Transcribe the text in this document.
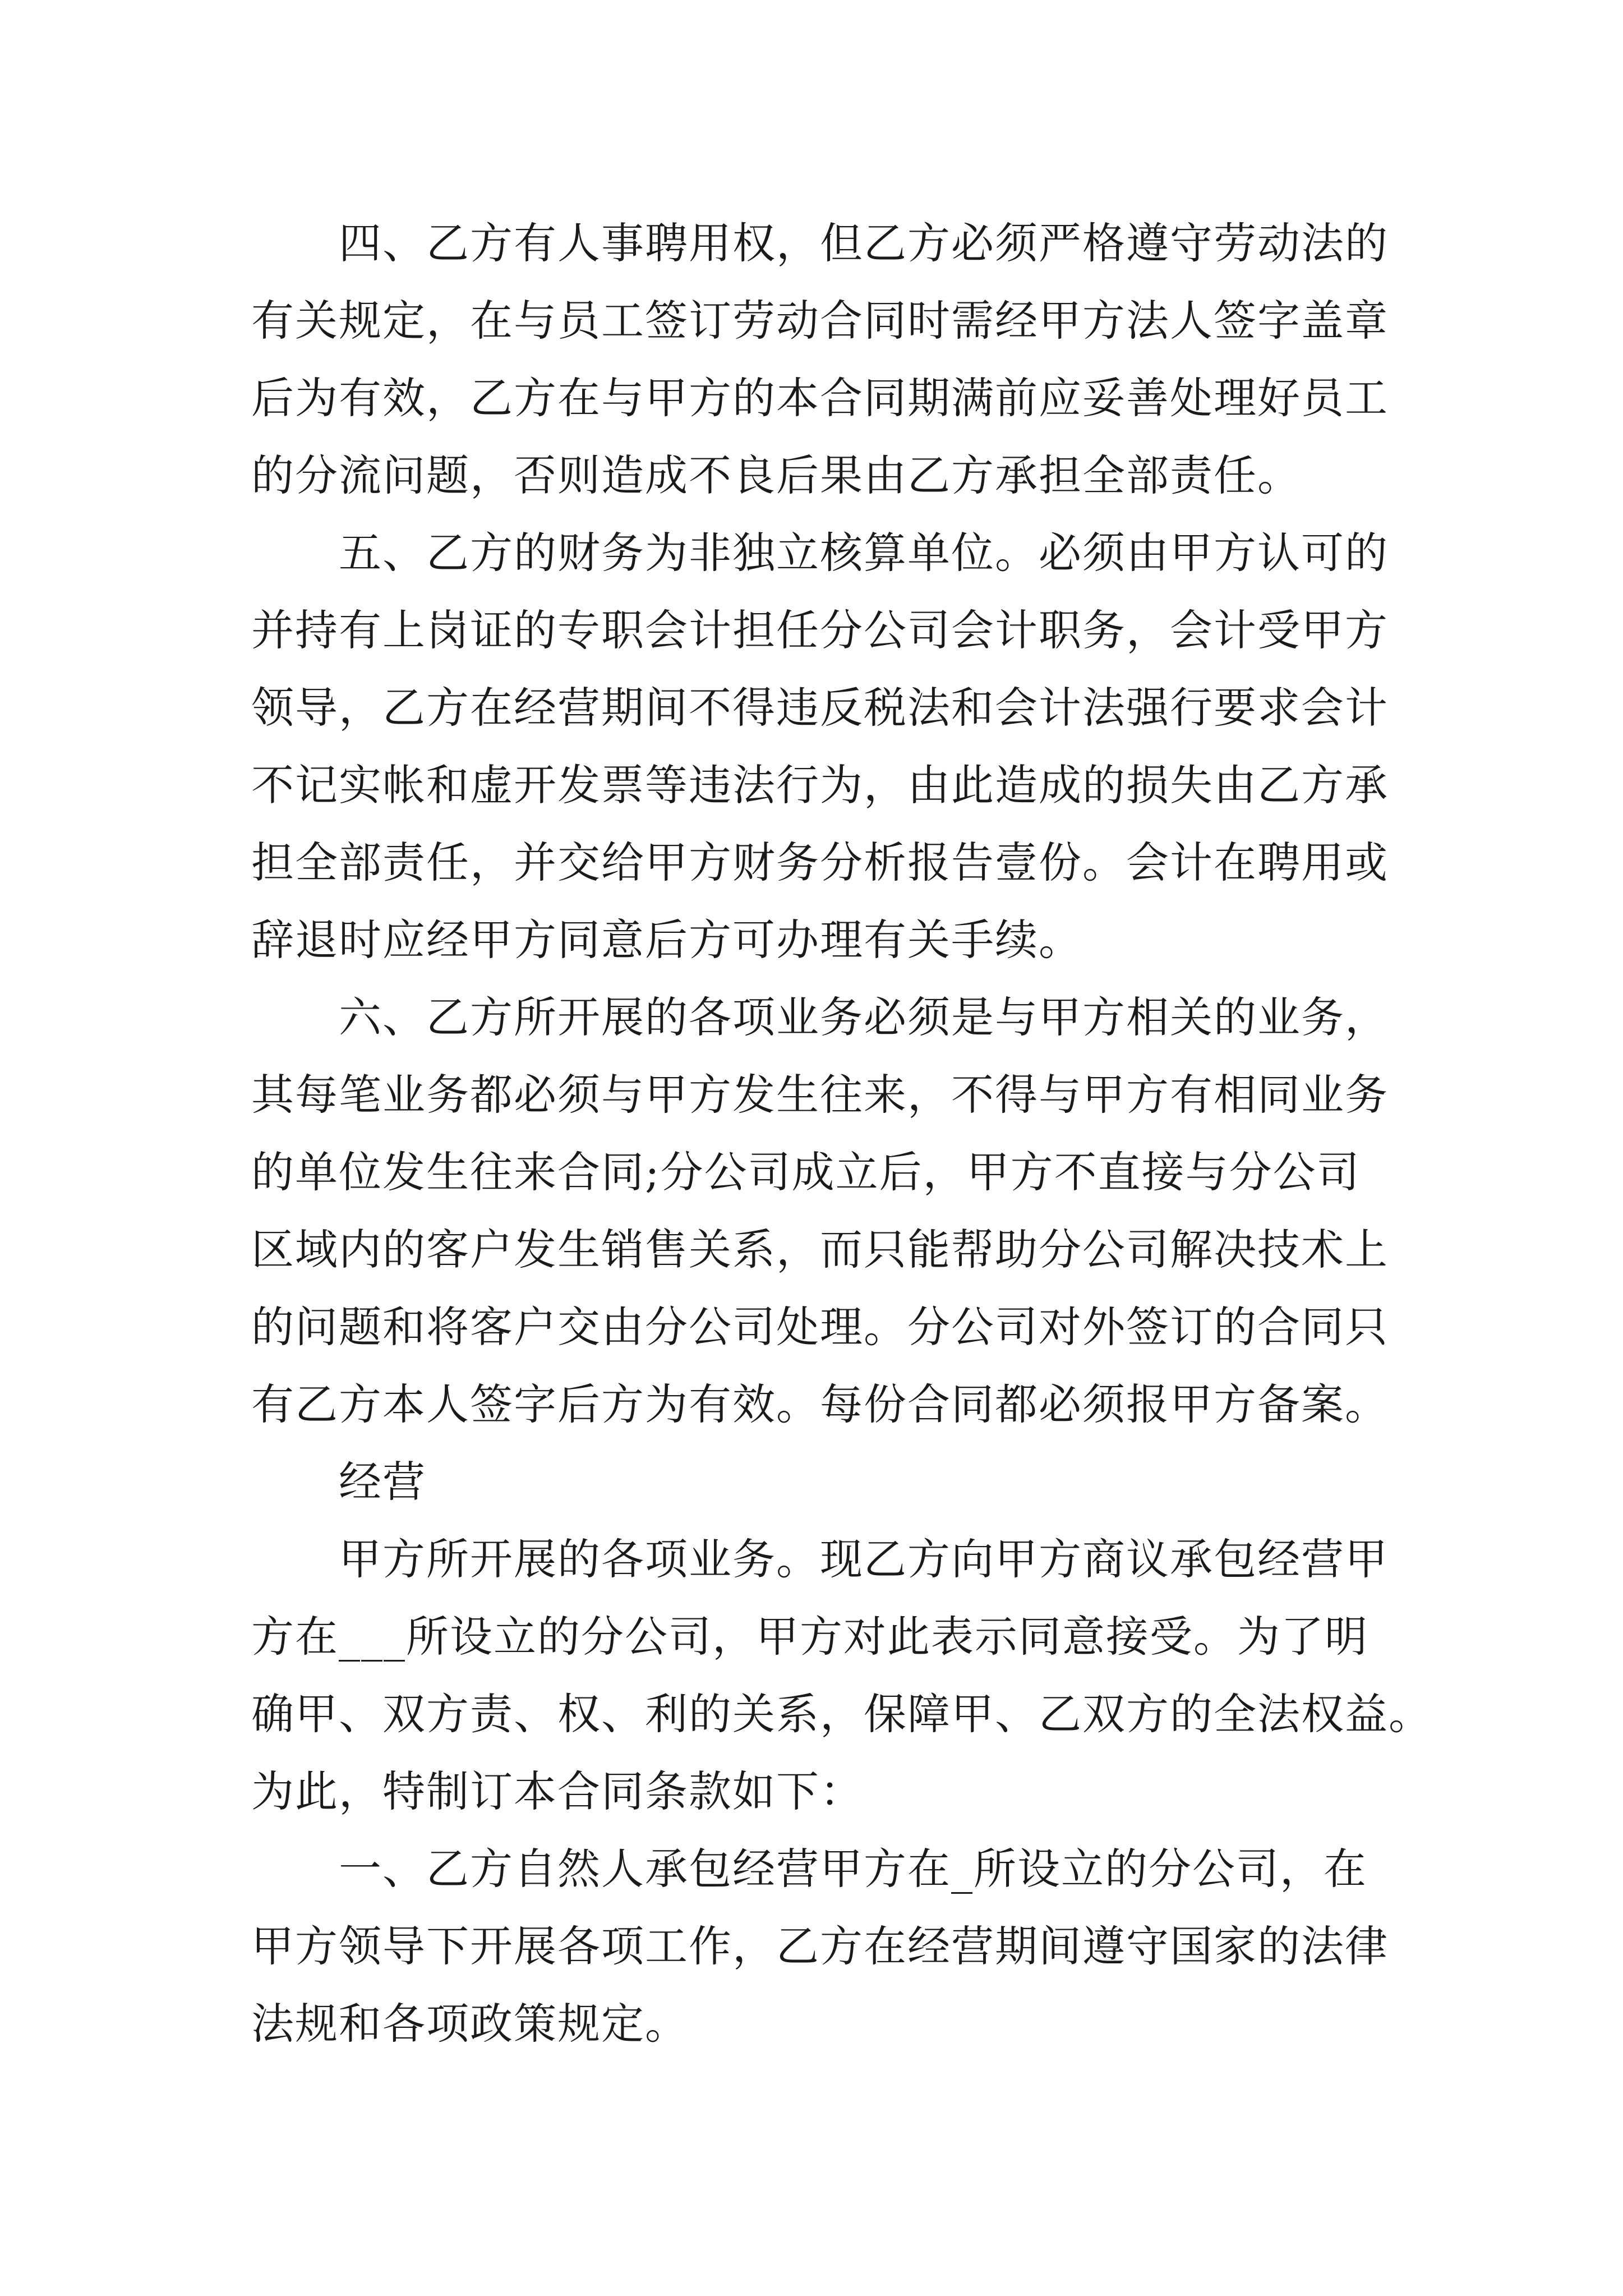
四、乙方有人事聘用权，但乙方必须严格遵守劳动法的
有关规定，在与员工签订劳动合同时需经甲方法人签字盖章
后为有效，乙方在与甲方的本合同期满前应妥善处理好员工
的分流问题，否则造成不良后果由乙方承担全部责任。
五、乙方的财务为非独立核算单位。必须由甲方认可的
并持有上岗证的专职会计担任分公司会计职务，会计受甲方
领导，乙方在经营期间不得违反税法和会计法强行要求会计
不记实帐和虚开发票等违法行为，由此造成的损失由乙方承
担全部责任，并交给甲方财务分析报告壹份。会计在聘用或
辞退时应经甲方同意后方可办理有关手续。
六、乙方所开展的各项业务必须是与甲方相关的业务，
其每笔业务都必须与甲方发生往来，不得与甲方有相同业务
的单位发生往来合同;分公司成立后，甲方不直接与分公司
区域内的客户发生销售关系，而只能帮助分公司解决技术上
的问题和将客户交由分公司处理。分公司对外签订的合同只
有乙方本人签字后方为有效。每份合同都必须报甲方备案。
经营
甲方所开展的各项业务。现乙方向甲方商议承包经营甲
方在___所设立的分公司，甲方对此表示同意接受。为了明
确甲、双方责、权、利的关系，保障甲、乙双方的全法权益。
为此，特制订本合同条款如下：
一、乙方自然人承包经营甲方在_所设立的分公司，在
甲方领导下开展各项工作，乙方在经营期间遵守国家的法律
法规和各项政策规定。
